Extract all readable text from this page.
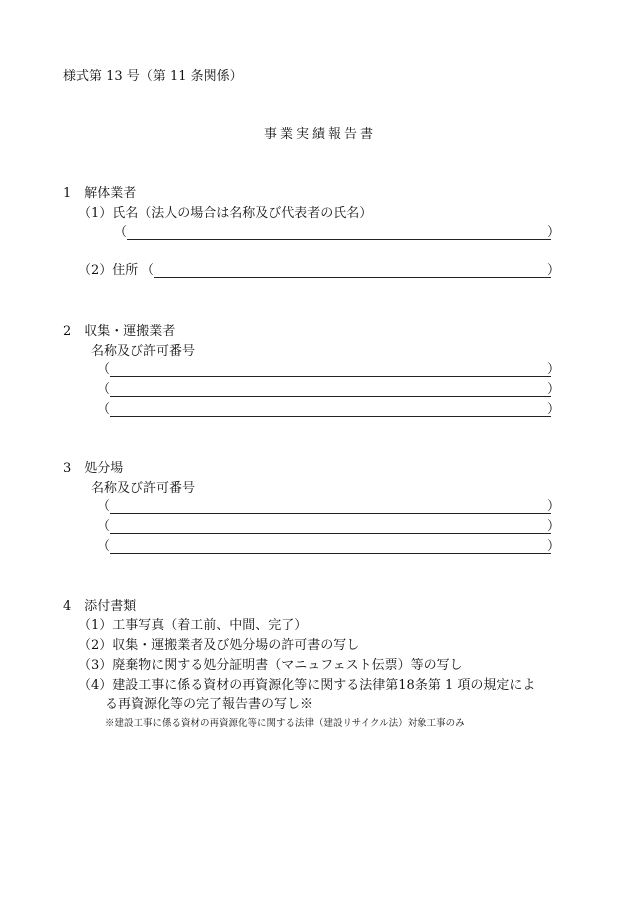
様式第 13 号（第 11 条関係）
事業実績報告書
1　解体業者
（1）氏名（法人の場合は名称及び代表者の氏名）
（	）
（2）住所 （	）
2　収集・運搬業者
名称及び許可番号
（	）
（	）
（	）
3　処分場
名称及び許可番号
（	）
（	）
（	）
4　添付書類
（1）工事写真（着工前、中間、完了）
（2）収集・運搬業者及び処分場の許可書の写し
（3）廃棄物に関する処分証明書（マニュフェスト伝票）等の写し
（4）建設工事に係る資材の再資源化等に関する法律第18条第 1 項の規定によ
る再資源化等の完了報告書の写し※
※建設工事に係る資材の再資源化等に関する法律（建設リサイクル法）対象工事のみ
